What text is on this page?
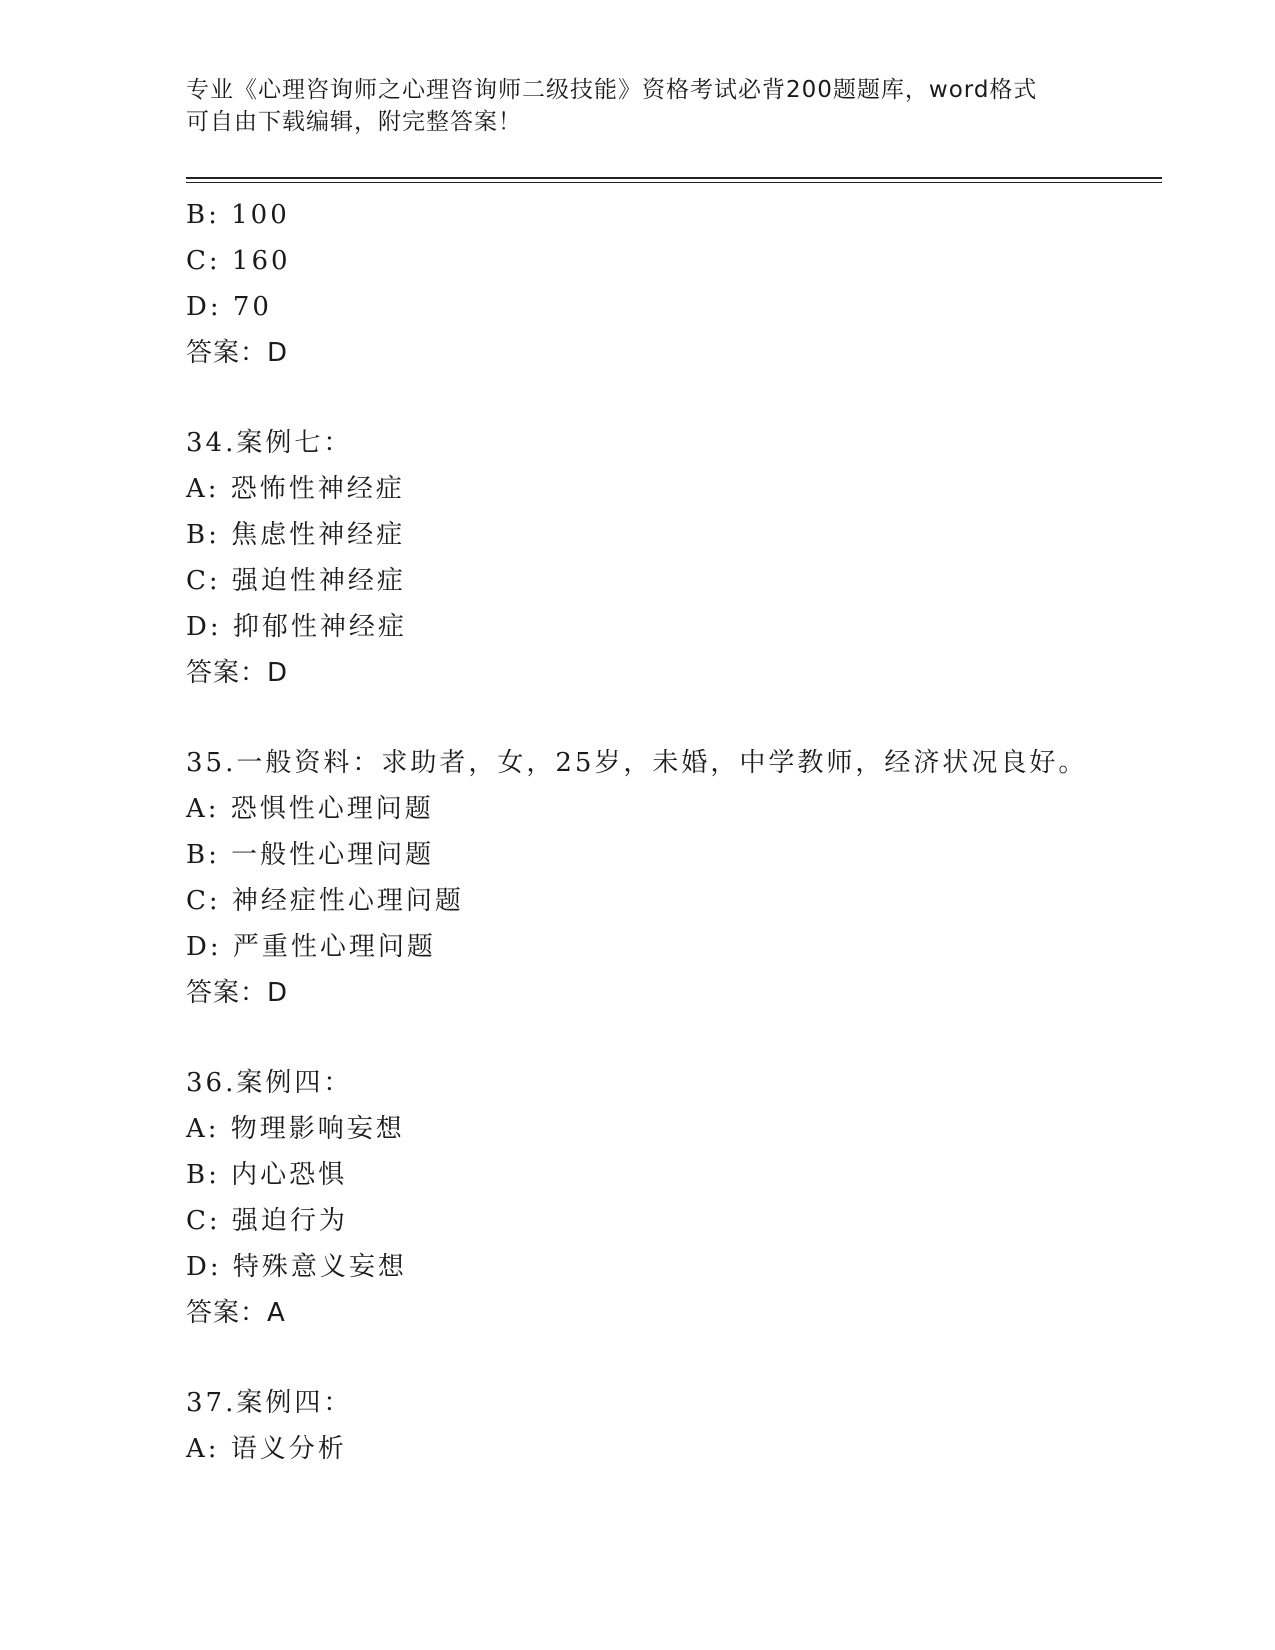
专业《心理咨询师之心理咨询师二级技能》资格考试必背200题题库，word格式
可自由下载编辑，附完整答案！
B: 100
C: 160
D: 70
答案：D
34.案例七：
A: 恐怖性神经症
B: 焦虑性神经症
C: 强迫性神经症
D: 抑郁性神经症
答案：D
35.一般资料：求助者，女，25岁，未婚，中学教师，经济状况良好。
A: 恐惧性心理问题
B: 一般性心理问题
C: 神经症性心理问题
D: 严重性心理问题
答案：D
36.案例四：
A: 物理影响妄想
B: 内心恐惧
C: 强迫行为
D: 特殊意义妄想
答案：A
37.案例四：
A: 语义分析
